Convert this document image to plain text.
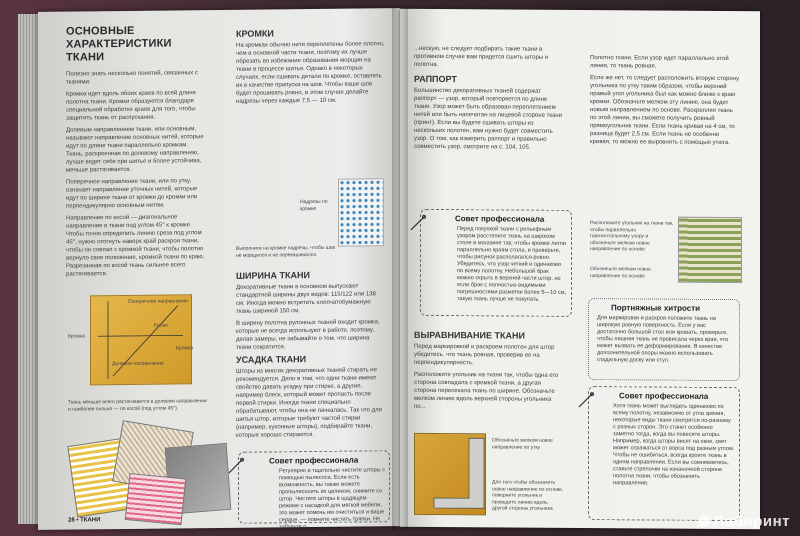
ОСНОВНЫЕ ХАРАКТЕРИСТИКИ ТКАНИ

Полезно знать несколько понятий, связанных с тканями:

Кромка идет вдоль обоих краев по всей длине полотна ткани. Кромки образуются благодаря специальной обработке краев для того, чтобы защитить ткань от распускания.

Долевым направлением ткани, или основным, называют направление основных нитей, которые идут по длине ткани параллельно кромкам. Ткань, раскроенная по долевому направлению, лучше ведет себя при шитье и более устойчива, меньше растягивается.

Поперечное направление ткани, или по утку, означает направление уточных нитей, которые идут по ширине ткани от кромки до кромки или перпендикулярно основным нитям.

Направление по косой — диагональное направление в ткани под углом 45° к кромке. Чтобы точно определить линию среза под углом 45°, нужно отогнуть наверх край раскроя ткани, чтобы он совпал с кромкой ткани, чтобы полотно вернуло свое положение, кромкой ткани по краю. Разрезанная по косой ткань сильнее всего растягивается.

Кромка
Кромка
Поперечное направление
Долевое направление
Косая
Ткань меньше всего растягивается в долевом направлении и наиболее сильно — по косой (под углом 45°).
28 • ТКАНИ
КРОМКИ

На кромках обычно нити переплетены более плотно, чем в основной части ткани, поэтому их лучше обрезать во избежание образования морщин на ткани в процессе шитья. Однако в некоторых случаях, если сшивать детали по кромке, оставлять их в качестве припуска на шов. Чтобы ваше шов будет прошивать ровно, в этом случае делайте надрезы через каждые 7,5 — 10 см.

Надрезы по кромке
Выполните на кромке надрезы, чтобы шов не морщился и не перекашивался.
ШИРИНА ТКАНИ

Декоративные ткани в основном выпускают стандартной ширины двух видов: 115/122 или 138 см. Иногда можно встретить хлопчатобумажную ткань шириной 150 см.

В ширину полотна рулонных тканей входит кромка, которые не всегда используют в работе, поэтому, делая замеры, не забывайте о том, что ширина ткани сократится.

УСАДКА ТКАНИ

Шторы из многих декоративных тканей стирать не рекомендуется. Дело в том, что одни ткани имеют свойство давать усадку при стирке, а другие, например блеск, который может пропасть после первой стирки. Иногда ткани специально обрабатывают, чтобы она не пачкалась. Так что для шитья штор, которые требуют частой стирки (например, кухонные шторы), подбирайте ткани, которые хорошо стираются.

Совет профессионала
Регулярно и тщательно чистите шторы с помощью пылесоса. Если есть возможность, вы также можете пропылесосить их целиком, снимите со штор. Чистите шторы в щадящем режиме с насадкой для мягкой мебели, это может помочь им очиститься и ваше сердце, — помните чистить тряпки. Не забудьте о...

...нескую, не следует подбирать такие ткани в противном случае вам придется сшить шторы и полотна.

РАППОРТ

Большинство декоративных тканей содержат раппорт — узор, который повторяется по длине ткани. Узор может быть образован переплетением нитей или быть напечатан на лицевой стороне ткани (принт). Если вы будете сшивать шторы из нескольких полотен, вам нужно будет совместить узор. О том, как измерить раппорт и правильно совместить узор, смотрите на с. 104, 105.

Совет профессионала
Перед покупкой ткани с рельефным узором расстелите ткань на широком столе в магазине так, чтобы кромки легли параллельно краям стола, и проверьте, чтобы рисунок располагался ровно. Убедитесь, что узор четкий и одинаково по всему полотну. Небольшой брак можно скрыть в верхней части штор, но если брак с полностью видимыми погрешностями разметки более 5—10 см, такую ткань лучше не покупать.
ВЫРАВНИВАНИЕ ТКАНИ

Перед маркировкой и раскроем полотен для штор убедитесь, что ткань ровная, проверив ее на перпендикулярность.

Расположите угольник на ткани так, чтобы одна его сторона совпадала с кромкой ткани, а другая сторона пересекала ткань по ширине. Обозначьте мелком линию вдоль верхней стороны угольника по...

Обозначьте мелком новое направление по утку
Для того чтобы обозначить новое направление по основе, поверните угольник и проведите линию вдоль другой стороны угольника

Полотно ткани. Если узор идет параллельно этой линии, то ткань ровная.

Если же нет, то следует расположить вторую сторону угольника по утку таким образом, чтобы верхний правый угол угольника был как можно ближе к краю кромки. Обозначьте мелком эту линию, она будет новым направлением по основе. Раскрепляя ткань по этой линии, вы сможете получить ровный прямоугольник ткани. Если ткань кривая на 4 см, то разница будет 2,5 см. Если ткань не особенно кривая, то можно ее выровнять с помощью утюга.

Расположите угольник на ткани так, чтобы параллельно горизонтальному узору и обозначьте мелком новое направление по основе
Обозначьте мелком новое направление по основе
Портняжные хитрости
Для маркировки и раскроя положите ткань на широкую ровную поверхность. Если у вас достаточно большой стол или кровать, проверьте, чтобы лишняя ткань не провисала через края, что может вызвать ее деформирование. В качестве дополнительной опоры можно использовать гладильную доску или стул.
Совет профессионала
Хотя ткань может выглядеть одинаково по всему полотну, независимо от угла зрения, некоторые виды ткани смотрятся по-разному с разных сторон. Это станет особенно заметно тогда, когда вы повесите шторы. Например, когда шторы висят на окне, свет может отражаться от ворса под разным углом. Чтобы не ошибиться, всегда кроите ткань в одном направлении. Если вы сомневаетесь, ставьте стрелочки на изнаночной стороне полотна ткани, чтобы обозначить направление.
Лабиринт
